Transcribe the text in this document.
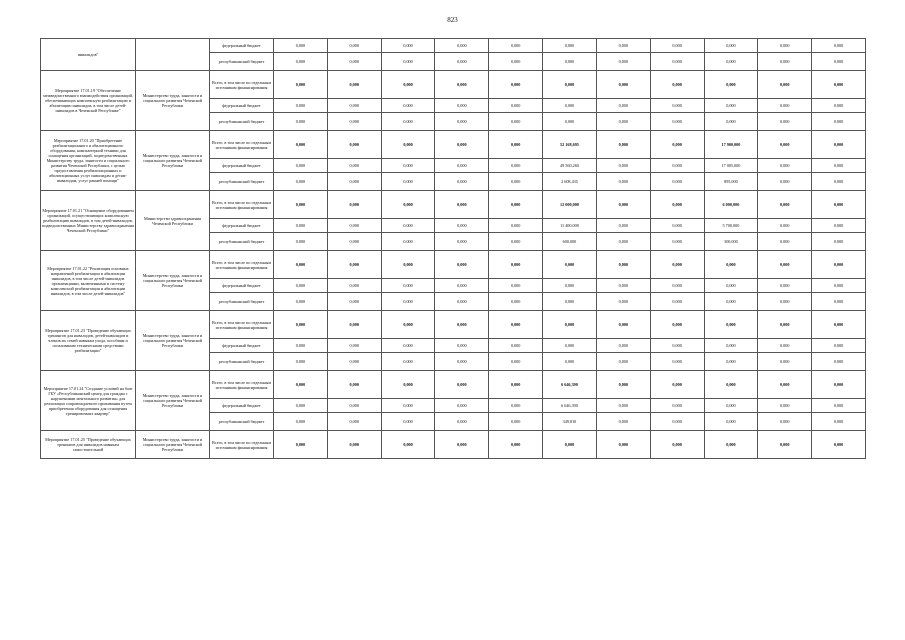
823
инвалидов"		федеральный бюджет	0,000	0,000	0,000	0,000	0,000	0,000	0,000	0,000	0,000	0,000	0,000
		республиканский бюджет	0,000	0,000	0,000	0,000	0,000	0,000	0,000	0,000	0,000	0,000	0,000
Мероприятие 17.01.19 "Обеспечение межведомственного взаимодействия организаций, обеспечивающих комплексную реабилитацию и абилитацию инвалидов, в том числе детей-инвалидов в Чеченской Республике"	Министерство труда, занятости и социального развития Чеченской Республики	Всего, в том числе по отдельным источникам финансирования	0,000	0,000	0,000	0,000	0,000	0,000	0,000	0,000	0,000	0,000	0,000
		федеральный бюджет	0,000	0,000	0,000	0,000	0,000	0,000	0,000	0,000	0,000	0,000	0,000
		республиканский бюджет	0,000	0,000	0,000	0,000	0,000	0,000	0,000	0,000	0,000	0,000	0,000
Мероприятие 17.01.20 "Приобретение реабилитационного и абилитационного оборудования, компьютерной техники для оснащения организаций, подведомственных Министерству труда, занятости и социального развития Чеченской Республики, с целью предоставления реабилитационных и абилитационных услуг инвалидам и детям-инвалидам, услуг ранней помощи"	Министерство труда, занятости и социального развития Чеченской Республики	Всего, в том числе по отдельным источникам финансирования	0,000	0,000	0,000	0,000	0,000	52 168,695	0,000	0,000	17 900,000	0,000	0,000
		федеральный бюджет	0,000	0,000	0,000	0,000	0,000	49 560,260	0,000	0,000	17 005,000	0,000	0,000
		республиканский бюджет	0,000	0,000	0,000	0,000	0,000	2 608,435	0,000	0,000	895,000	0,000	0,000
Мероприятие 17.01.21 "Оснащение оборудованием организаций, осуществляющих комплексную реабилитацию инвалидов, в том детей-инвалидов, подведомственных Министерству здравоохранения Чеченской Республики"	Министерство здравоохранения Чеченской Республики	Всего, в том числе по отдельным источникам финансирования	0,000	0,000	0,000	0,000	0,000	12 000,000	0,000	0,000	6 000,000	0,000	0,000
		федеральный бюджет	0,000	0,000	0,000	0,000	0,000	11 400,000	0,000	0,000	5 700,000	0,000	0,000
		республиканский бюджет	0,000	0,000	0,000	0,000	0,000	600,000	0,000	0,000	300,000	0,000	0,000
Мероприятие 17.01.22 "Реализация основных направлений реабилитации и абилитации инвалидов, в том числе детей-инвалидов организациями, включенными в систему комплексной реабилитации и абилитации инвалидов, в том числе детей-инвалидов"	Министерство труда, занятости и социального развития Чеченской Республики	Всего, в том числе по отдельным источникам финансирования	0,000	0,000	0,000	0,000	0,000	0,000	0,000	0,000	0,000	0,000	0,000
		федеральный бюджет	0,000	0,000	0,000	0,000	0,000	0,000	0,000	0,000	0,000	0,000	0,000
		республиканский бюджет	0,000	0,000	0,000	0,000	0,000	0,000	0,000	0,000	0,000	0,000	0,000
Мероприятие 17.01.23 "Проведение обучающих тренингов для инвалидов, детей-инвалидов и членов их семей навыкам ухода, пособиям и пользованию техническими средствами реабилитации"	Министерство труда, занятости и социального развития Чеченской Республики	Всего, в том числе по отдельным источникам финансирования	0,000	0,000	0,000	0,000	0,000	0,000	0,000	0,000	0,000	0,000	0,000
		федеральный бюджет	0,000	0,000	0,000	0,000	0,000	0,000	0,000	0,000	0,000	0,000	0,000
		республиканский бюджет	0,000	0,000	0,000	0,000	0,000	0,000	0,000	0,000	0,000	0,000	0,000
Мероприятие 17.01.24 "Создание условий на базе ГБУ «Республиканский центр для граждан с нарушениями ментального развития» для реализации сопровождаемого проживания путем приобретения оборудования для оснащения тренировочных квартир"	Министерство труда, занятости и социального развития Чеченской Республики	Всего, в том числе по отдельным источникам финансирования	0,000	0,000	0,000	0,000	0,000	6 646,390	0,000	0,000	0,000	0,000	0,000
		федеральный бюджет	0,000	0,000	0,000	0,000	0,000	6 646,390	0,000	0,000	0,000	0,000	0,000
		республиканский бюджет	0,000	0,000	0,000	0,000	0,000	349,810	0,000	0,000	0,000	0,000	0,000
Мероприятие 17.01.25 "Проведение обучающих тренингов для инвалидов навыкам самостоятельной	Министерство труда, занятости и социального развития Чеченской Республики	Всего, в том числе по отдельным источникам финансирования	0,000	0,000	0,000	0,000	0,000	0,000	0,000	0,000	0,000	0,000	0,000
